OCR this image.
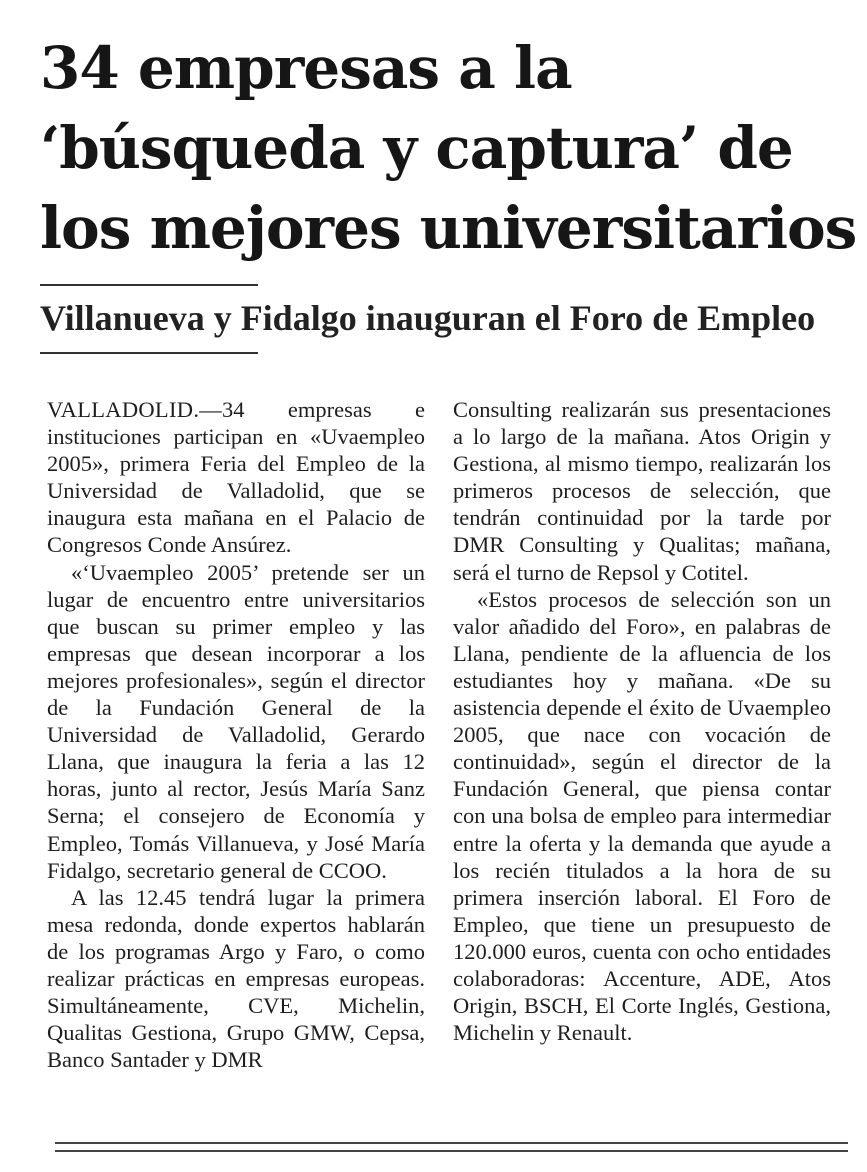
34 empresas a la
‘búsqueda y captura’ de
los mejores universitarios
Villanueva y Fidalgo inauguran el Foro de Empleo

VALLADOLID.—34 empresas e instituciones participan en «Uvaempleo 2005», primera Feria del Empleo de la Universidad de Valladolid, que se inaugura esta mañana en el Palacio de Congresos Conde Ansúrez.

«‘Uvaempleo 2005’ pretende ser un lugar de encuentro entre universitarios que buscan su primer empleo y las empresas que desean incorporar a los mejores profesionales», según el director de la Fundación General de la Universidad de Valladolid, Gerardo Llana, que inaugura la feria a las 12 horas, junto al rector, Jesús María Sanz Serna; el consejero de Economía y Empleo, Tomás Villanueva, y José María Fidalgo, secretario general de CCOO.

A las 12.45 tendrá lugar la primera mesa redonda, donde expertos hablarán de los programas Argo y Faro, o como realizar prácticas en empresas europeas. Simultáneamente, CVE, Michelin, Qualitas Gestiona, Grupo GMW, Cepsa, Banco Santader y DMR

Consulting realizarán sus presentaciones a lo largo de la mañana. Atos Origin y Gestiona, al mismo tiempo, realizarán los primeros procesos de selección, que tendrán continuidad por la tarde por DMR Consulting y Qualitas; mañana, será el turno de Repsol y Cotitel.

«Estos procesos de selección son un valor añadido del Foro», en palabras de Llana, pendiente de la afluencia de los estudiantes hoy y mañana. «De su asistencia depende el éxito de Uvaempleo 2005, que nace con vocación de continuidad», según el director de la Fundación General, que piensa contar con una bolsa de empleo para intermediar entre la oferta y la demanda que ayude a los recién titulados a la hora de su primera inserción laboral. El Foro de Empleo, que tiene un presupuesto de 120.000 euros, cuenta con ocho entidades colaboradoras: Accenture, ADE, Atos Origin, BSCH, El Corte Inglés, Gestiona, Michelin y Renault.
